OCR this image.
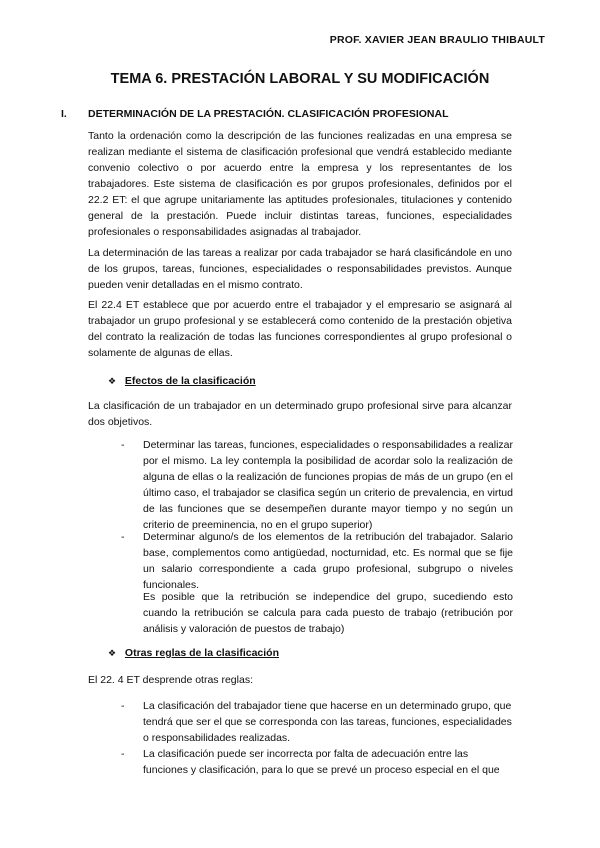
PROF. XAVIER JEAN BRAULIO THIBAULT
TEMA 6. PRESTACIÓN LABORAL Y SU MODIFICACIÓN
I. DETERMINACIÓN DE LA PRESTACIÓN. CLASIFICACIÓN PROFESIONAL

Tanto la ordenación como la descripción de las funciones realizadas en una empresa se realizan mediante el sistema de clasificación profesional que vendrá establecido mediante convenio colectivo o por acuerdo entre la empresa y los representantes de los trabajadores. Este sistema de clasificación es por grupos profesionales, definidos por el 22.2 ET: el que agrupe unitariamente las aptitudes profesionales, titulaciones y contenido general de la prestación. Puede incluir distintas tareas, funciones, especialidades profesionales o responsabilidades asignadas al trabajador.

La determinación de las tareas a realizar por cada trabajador se hará clasificándole en uno de los grupos, tareas, funciones, especialidades o responsabilidades previstos. Aunque pueden venir detalladas en el mismo contrato.

El 22.4 ET establece que por acuerdo entre el trabajador y el empresario se asignará al trabajador un grupo profesional y se establecerá como contenido de la prestación objetiva del contrato la realización de todas las funciones correspondientes al grupo profesional o solamente de algunas de ellas.

❖ Efectos de la clasificación

La clasificación de un trabajador en un determinado grupo profesional sirve para alcanzar dos objetivos.

- Determinar las tareas, funciones, especialidades o responsabilidades a realizar por el mismo. La ley contempla la posibilidad de acordar solo la realización de alguna de ellas o la realización de funciones propias de más de un grupo (en el último caso, el trabajador se clasifica según un criterio de prevalencia, en virtud de las funciones que se desempeñen durante mayor tiempo y no según un criterio de preeminencia, no en el grupo superior)
- Determinar alguno/s de los elementos de la retribución del trabajador. Salario base, complementos como antigüedad, nocturnidad, etc. Es normal que se fije un salario correspondiente a cada grupo profesional, subgrupo o niveles funcionales.
Es posible que la retribución se independice del grupo, sucediendo esto cuando la retribución se calcula para cada puesto de trabajo (retribución por análisis y valoración de puestos de trabajo)
❖ Otras reglas de la clasificación

El 22. 4 ET desprende otras reglas:

- La clasificación del trabajador tiene que hacerse en un determinado grupo, que tendrá que ser el que se corresponda con las tareas, funciones, especialidades o responsabilidades realizadas.
- La clasificación puede ser incorrecta por falta de adecuación entre las funciones y clasificación, para lo que se prevé un proceso especial en el que
